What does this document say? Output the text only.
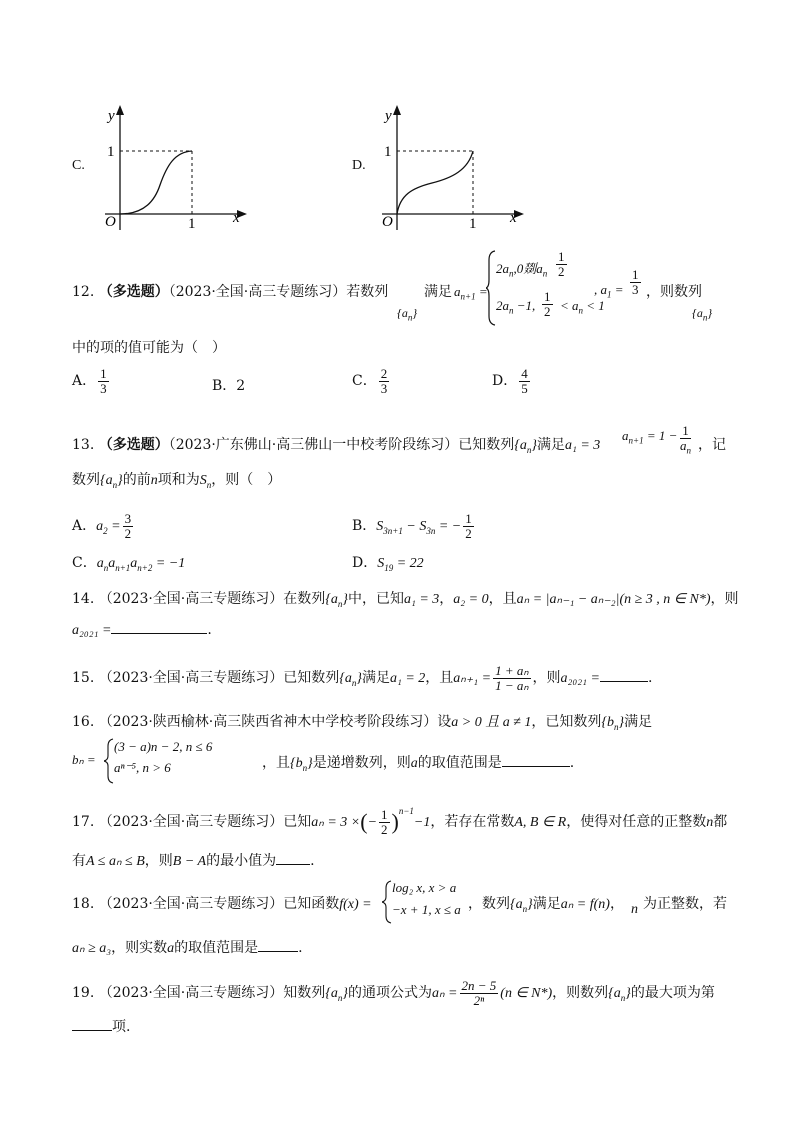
C.
y
x
O
1
1
D.
y
x
O
1
1
12. （多选题）（2023·全国·高三专题练习）若数列
$\{a_n\}$
满足 $a_{n+1}$ =
$2a_n,0$剟$a_n \frac{1}{2}$
$2a_n -1$, $\frac{1}{2} < a_n < 1$
, $a_1 = \frac{1}{3}$ ，则数列
$\{a_n\}$
中的项的值可能为（　）
A． $\frac{1}{3}$	B．2	C． $\frac{2}{3}$	D． $\frac{4}{5}$
13. （多选题）（2023·广东佛山·高三佛山一中校考阶段练习）已知数列$\{a_n\}$满足a₁ = 3
$a_{n+1} = 1 - \frac{1}{a_n}$ ，记
数列$\{a_n\}$的前n项和为$S_n$，则（　）
A．$a_2 = \frac{3}{2}$	B．$S_{3n+1} - S_{3n}$ = − $\frac{1}{2}$
C．$a_na_{n+1}a_{n+2} = -1$	D．$S_{19} = 22$
14. （2023·全国·高三专题练习）在数列$\{a_n\}$中，已知a₁ = 3，a₂ = 0，且aₙ = |aₙ₋₁ − aₙ₋₂|(n ≥ 3 , n ∈ N*)，则
a₂₀₂₁ =	.
15. （2023·全国·高三专题练习）已知数列$\{a_n\}$满足a₁ = 2，且$a_{n+1} = \frac{\text{1 + aₙ}}{\text{1 − aₙ}}$ ，则a₂₀₂₁ =	.
16. （2023·陕西榆林·高三陕西省神木中学校考阶段练习）设a > 0 且 a ≠ 1，已知数列$\{b_n\}$满足
bₙ =
(3 − a)n − 2, n ≤ 6
aⁿ⁻⁵, n > 6	，且$\{b_n\}$是递增数列，则a的取值范围是	.
17. （2023·全国·高三专题练习）已知aₙ = 3 ×(− $\frac{1}{2} )^{n-1}-1$，若存在常数A, B ∈ R，使得对任意的正整数n都
有A ≤ aₙ ≤ B，则B − A的最小值为 .
18. （2023·全国·高三专题练习）已知函数f(x) =
log₂ x, x > a
−x + 1, x ≤ a ，数列$\{a_n\}$满足aₙ = f(n)， n 为正整数，若
aₙ ≥ a₃，则实数a的取值范围是	.
19. （2023·全国·高三专题练习）知数列$\{a_n\}$的通项公式为$a_n = \frac{2n - 5}{\text{2ⁿ}} (n$ ∈ N*)，则数列$\{a_n\}$的最大项为第
项.
